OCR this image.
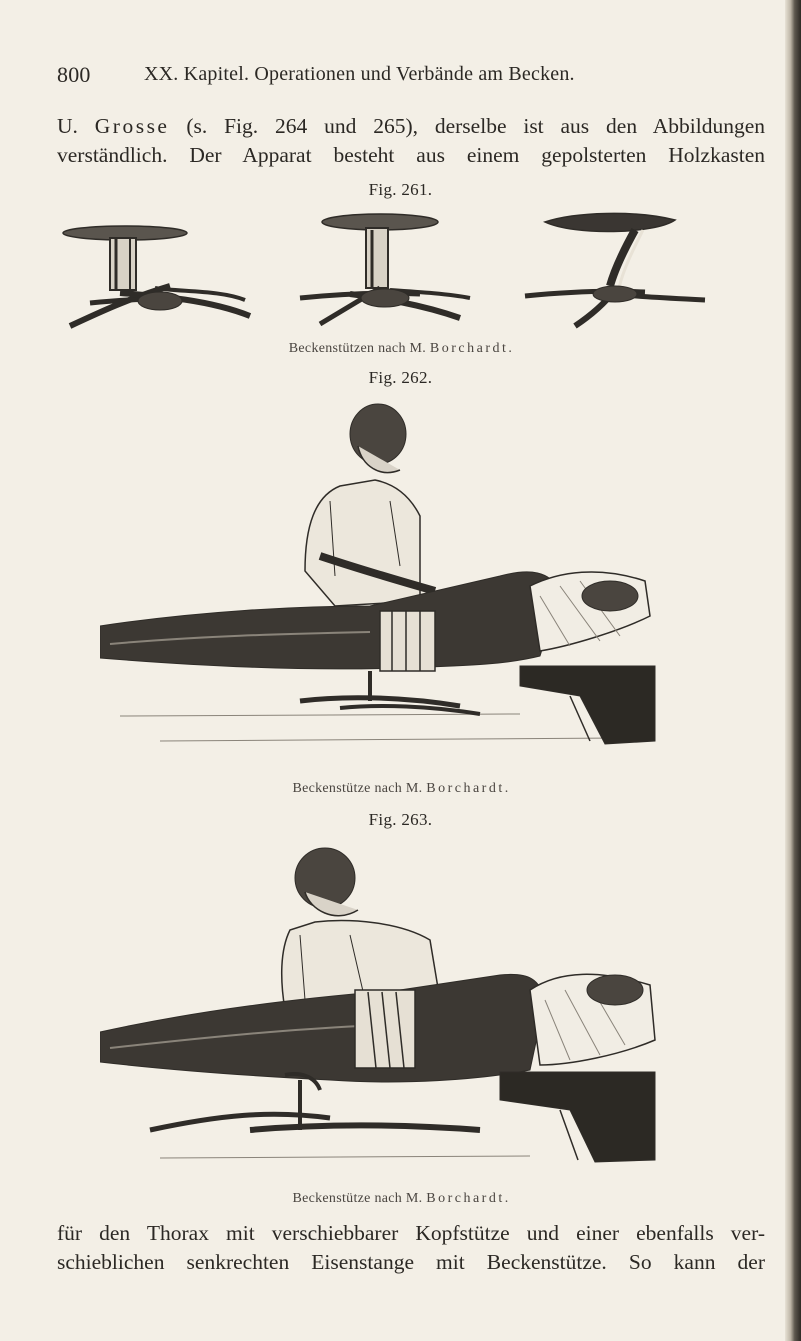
800	XX. Kapitel. Operationen und Verbände am Becken.

U. Grosse (s. Fig. 264 und 265), derselbe ist aus den Abbildungen
verständlich. Der Apparat besteht aus einem gepolsterten Holzkasten

Fig. 261.
Beckenstützen nach M. Borchardt.
Fig. 262.
Beckenstütze nach M. Borchardt.
Fig. 263.
Beckenstütze nach M. Borchardt.

für den Thorax mit verschiebbarer Kopfstütze und einer ebenfalls ver-
schieblichen senkrechten Eisenstange mit Beckenstütze. So kann der
